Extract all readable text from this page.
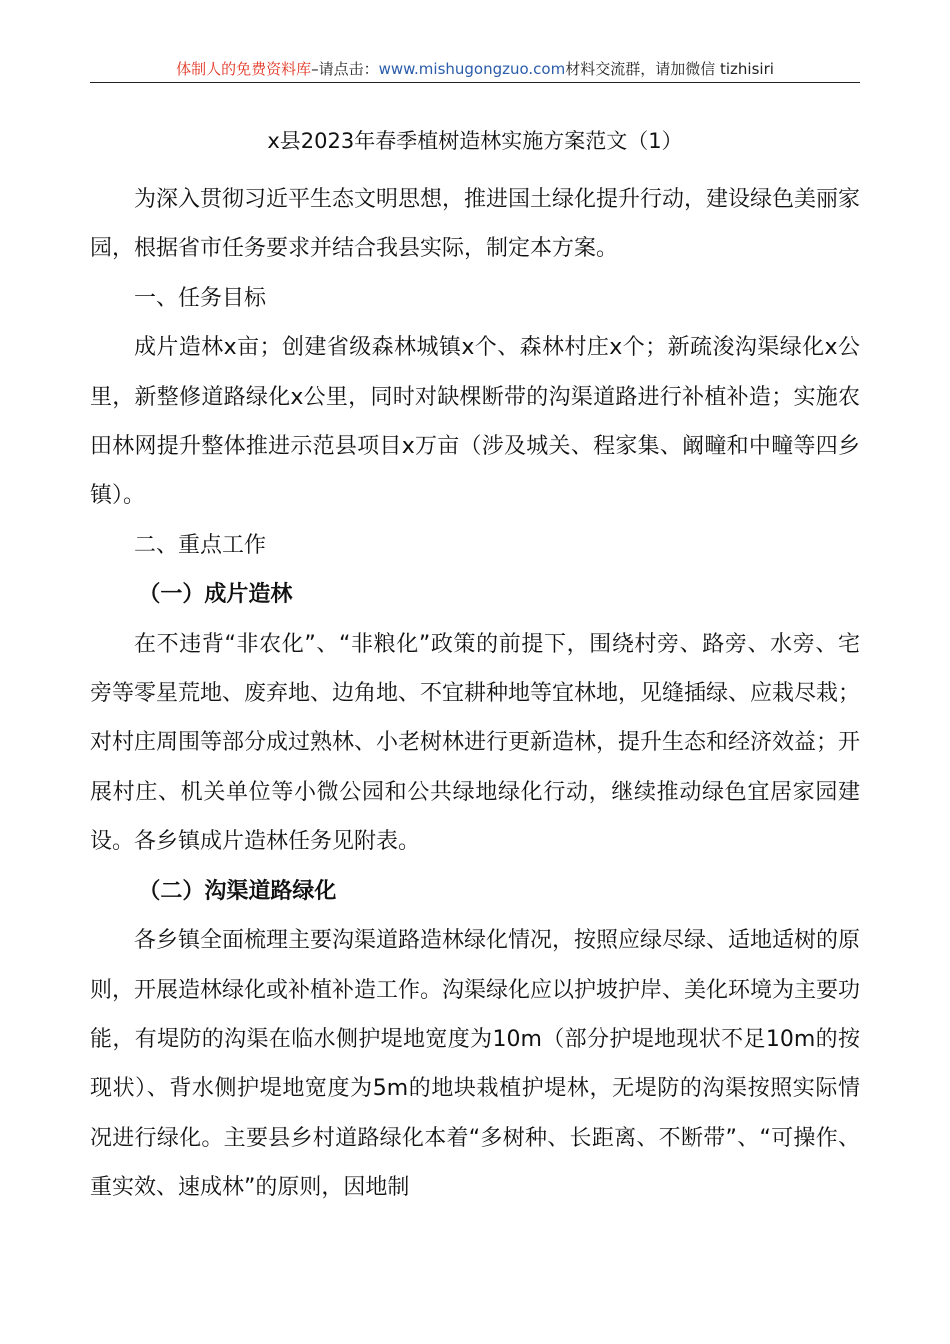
体制人的免费资料库–请点击：www.mishugongzuo.com材料交流群，请加微信 tizhisiri
x县2023年春季植树造林实施方案范文（1）

为深入贯彻习近平生态文明思想，推进国土绿化提升行动，建设绿色美丽家园，根据省市任务要求并结合我县实际，制定本方案。

一、任务目标

成片造林x亩；创建省级森林城镇x个、森林村庄x个；新疏浚沟渠绿化x公里，新整修道路绿化x公里，同时对缺棵断带的沟渠道路进行补植补造；实施农田林网提升整体推进示范县项目x万亩（涉及城关、程家集、阚疃和中疃等四乡镇）。

二、重点工作

（一）成片造林

在不违背“非农化”、“非粮化”政策的前提下，围绕村旁、路旁、水旁、宅旁等零星荒地、废弃地、边角地、不宜耕种地等宜林地，见缝插绿、应栽尽栽；对村庄周围等部分成过熟林、小老树林进行更新造林，提升生态和经济效益；开展村庄、机关单位等小微公园和公共绿地绿化行动，继续推动绿色宜居家园建设。各乡镇成片造林任务见附表。

（二）沟渠道路绿化

各乡镇全面梳理主要沟渠道路造林绿化情况，按照应绿尽绿、适地适树的原则，开展造林绿化或补植补造工作。沟渠绿化应以护坡护岸、美化环境为主要功能，有堤防的沟渠在临水侧护堤地宽度为10m（部分护堤地现状不足10m的按现状）、背水侧护堤地宽度为5m的地块栽植护堤林，无堤防的沟渠按照实际情况进行绿化。主要县乡村道路绿化本着“多树种、长距离、不断带”、“可操作、重实效、速成林”的原则，因地制
